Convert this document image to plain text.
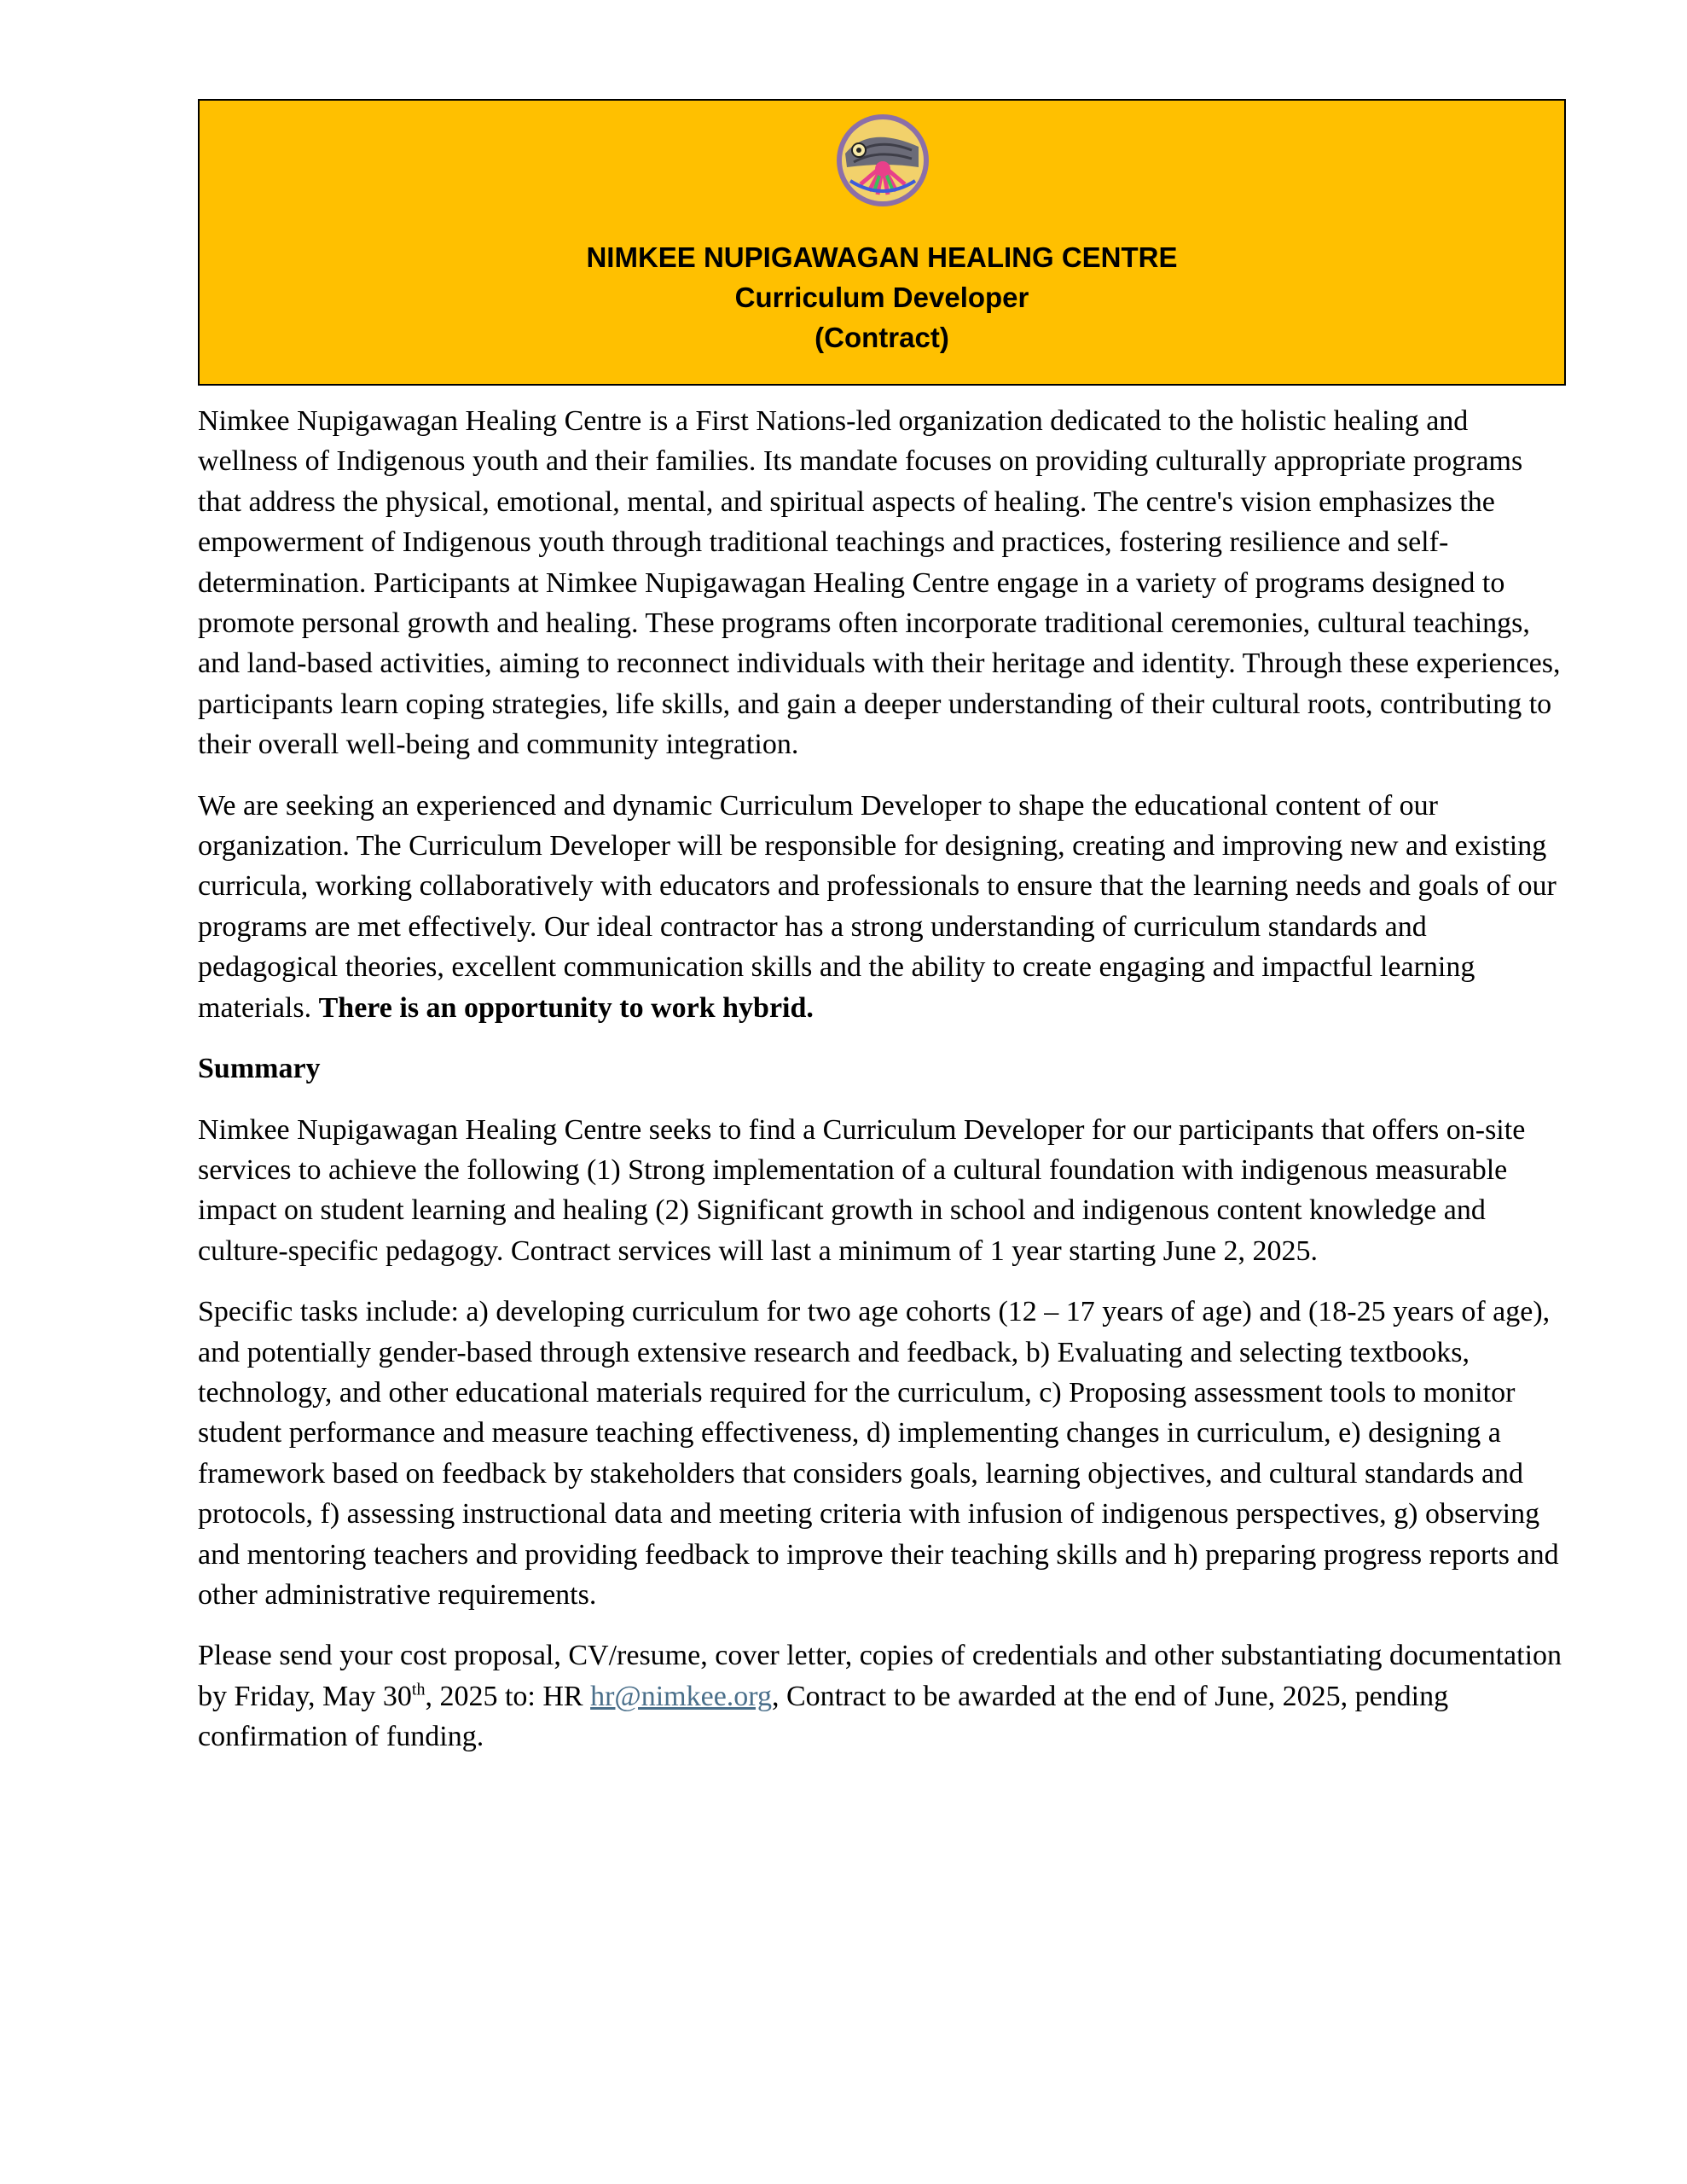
NIMKEE NUPIGAWAGAN HEALING CENTRE
Curriculum Developer
(Contract)

Nimkee Nupigawagan Healing Centre is a First Nations-led organization dedicated to the holistic healing and wellness of Indigenous youth and their families. Its mandate focuses on providing culturally appropriate programs that address the physical, emotional, mental, and spiritual aspects of healing. The centre's vision emphasizes the empowerment of Indigenous youth through traditional teachings and practices, fostering resilience and self-determination. Participants at Nimkee Nupigawagan Healing Centre engage in a variety of programs designed to promote personal growth and healing. These programs often incorporate traditional ceremonies, cultural teachings, and land-based activities, aiming to reconnect individuals with their heritage and identity. Through these experiences, participants learn coping strategies, life skills, and gain a deeper understanding of their cultural roots, contributing to their overall well-being and community integration.

We are seeking an experienced and dynamic Curriculum Developer to shape the educational content of our organization. The Curriculum Developer will be responsible for designing, creating and improving new and existing curricula, working collaboratively with educators and professionals to ensure that the learning needs and goals of our programs are met effectively. Our ideal contractor has a strong understanding of curriculum standards and pedagogical theories, excellent communication skills and the ability to create engaging and impactful learning materials. There is an opportunity to work hybrid.

Summary

Nimkee Nupigawagan Healing Centre seeks to find a Curriculum Developer for our participants that offers on-site services to achieve the following (1) Strong implementation of a cultural foundation with indigenous measurable impact on student learning and healing (2) Significant growth in school and indigenous content knowledge and culture-specific pedagogy. Contract services will last a minimum of 1 year starting June 2, 2025.

Specific tasks include: a) developing curriculum for two age cohorts (12 – 17 years of age) and (18-25 years of age), and potentially gender-based through extensive research and feedback, b) Evaluating and selecting textbooks, technology, and other educational materials required for the curriculum, c) Proposing assessment tools to monitor student performance and measure teaching effectiveness, d) implementing changes in curriculum, e) designing a framework based on feedback by stakeholders that considers goals, learning objectives, and cultural standards and protocols, f) assessing instructional data and meeting criteria with infusion of indigenous perspectives, g) observing and mentoring teachers and providing feedback to improve their teaching skills and h) preparing progress reports and other administrative requirements.

Please send your cost proposal, CV/resume, cover letter, copies of credentials and other substantiating documentation by Friday, May 30th, 2025 to: HR hr@nimkee.org, Contract to be awarded at the end of June, 2025, pending confirmation of funding.
